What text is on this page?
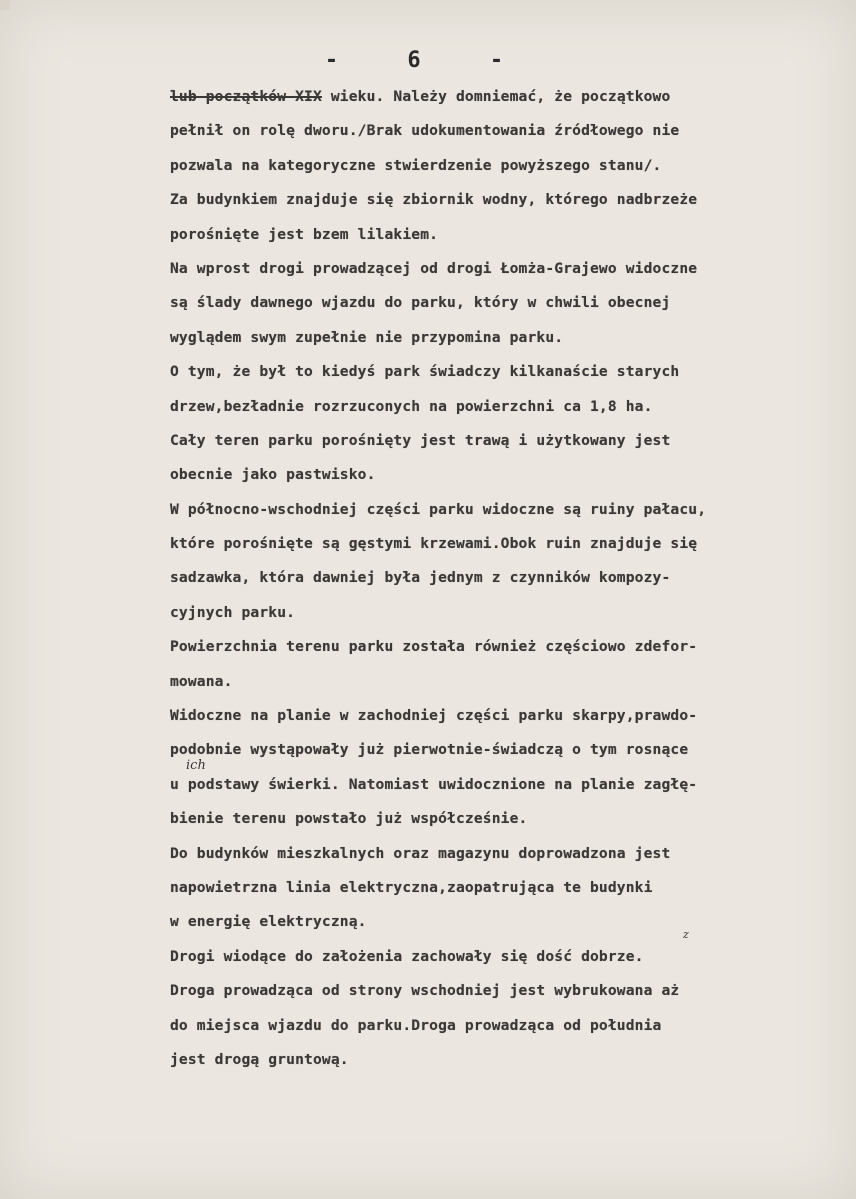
- 6 -
lub początków XIX wieku. Należy domniemać, że początkowo
pełnił on rolę dworu./Brak udokumentowania źródłowego nie
pozwala na kategoryczne stwierdzenie powyższego stanu/.
Za budynkiem znajduje się zbiornik wodny, którego nadbrzeże
porośnięte jest bzem lilakiem.
Na wprost drogi prowadzącej od drogi Łomża-Grajewo widoczne
są ślady dawnego wjazdu do parku, który w chwili obecnej
wyglądem swym zupełnie nie przypomina parku.
O tym, że był to kiedyś park świadczy kilkanaście starych
drzew,bezładnie rozrzuconych na powierzchni ca 1,8 ha.
Cały teren parku porośnięty jest trawą i użytkowany jest
obecnie jako pastwisko.
W północno-wschodniej części parku widoczne są ruiny pałacu,
które porośnięte są gęstymi krzewami.Obok ruin znajduje się
sadzawka, która dawniej była jednym z czynników kompozy-
cyjnych parku.
Powierzchnia terenu parku została również częściowo zdefor-
mowana.
Widoczne na planie w zachodniej części parku skarpy,prawdo-
podobnie wystąpowały już pierwotnie-świadczą o tym rosnące
u podstawy świerki. Natomiast uwidocznione na planie zagłę-
bienie terenu powstało już współcześnie.
Do budynków mieszkalnych oraz magazynu doprowadzona jest
napowietrzna linia elektryczna,zaopatrująca te budynki
w energię elektryczną.
Drogi wiodące do założenia zachowały się dość dobrze.
Droga prowadząca od strony wschodniej jest wybrukowana aż
do miejsca wjazdu do parku.Droga prowadząca od południa
jest drogą gruntową.
ich
z
